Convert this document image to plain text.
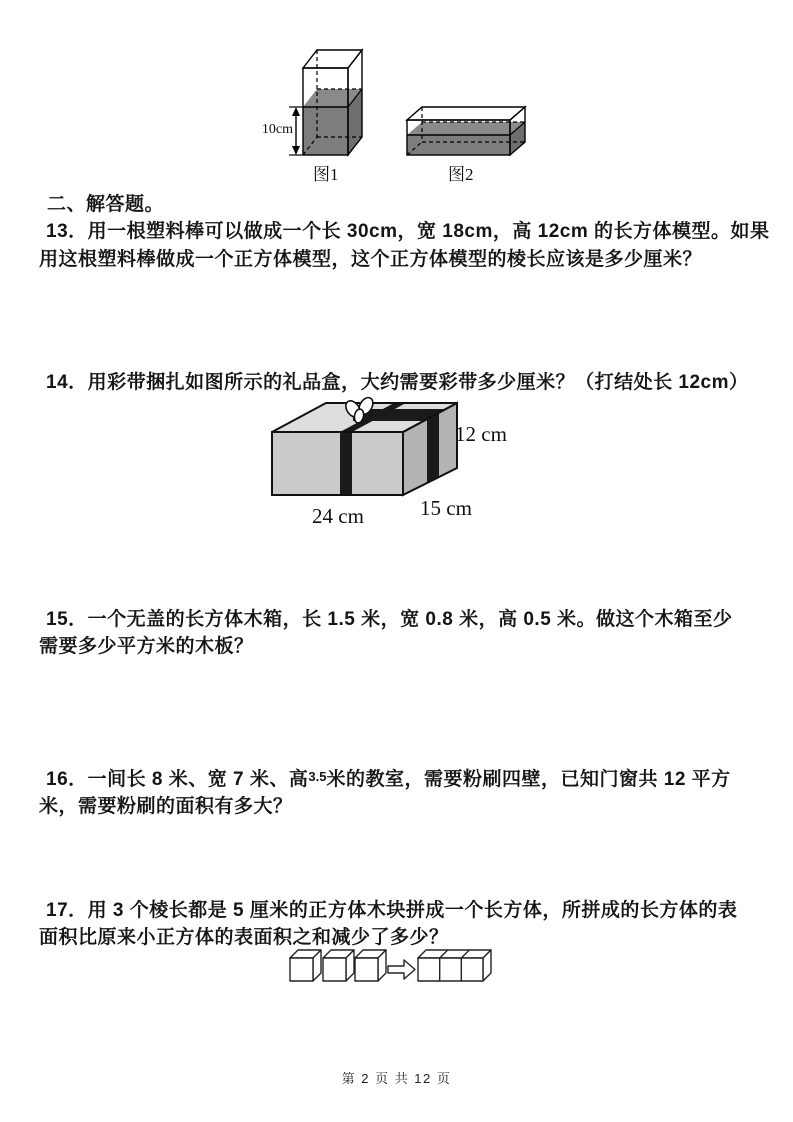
10cm
图1	图2
二、解答题。
13．用一根塑料棒可以做成一个长 30cm，宽 18cm，高 12cm 的长方体模型。如果
用这根塑料棒做成一个正方体模型，这个正方体模型的棱长应该是多少厘米？
14．用彩带捆扎如图所示的礼品盒，大约需要彩带多少厘米？（打结处长 12cm）
12 cm
15 cm
24 cm
15．一个无盖的长方体木箱，长 1.5 米，宽 0.8 米，高 0.5 米。做这个木箱至少
需要多少平方米的木板？
16．一间长 8 米、宽 7 米、高$^{3.5}$米的教室，需要粉刷四壁，已知门窗共 12 平方
米，需要粉刷的面积有多大？
17．用 3 个棱长都是 5 厘米的正方体木块拼成一个长方体，所拼成的长方体的表
面积比原来小正方体的表面积之和减少了多少？
第 2 页 共 12 页
